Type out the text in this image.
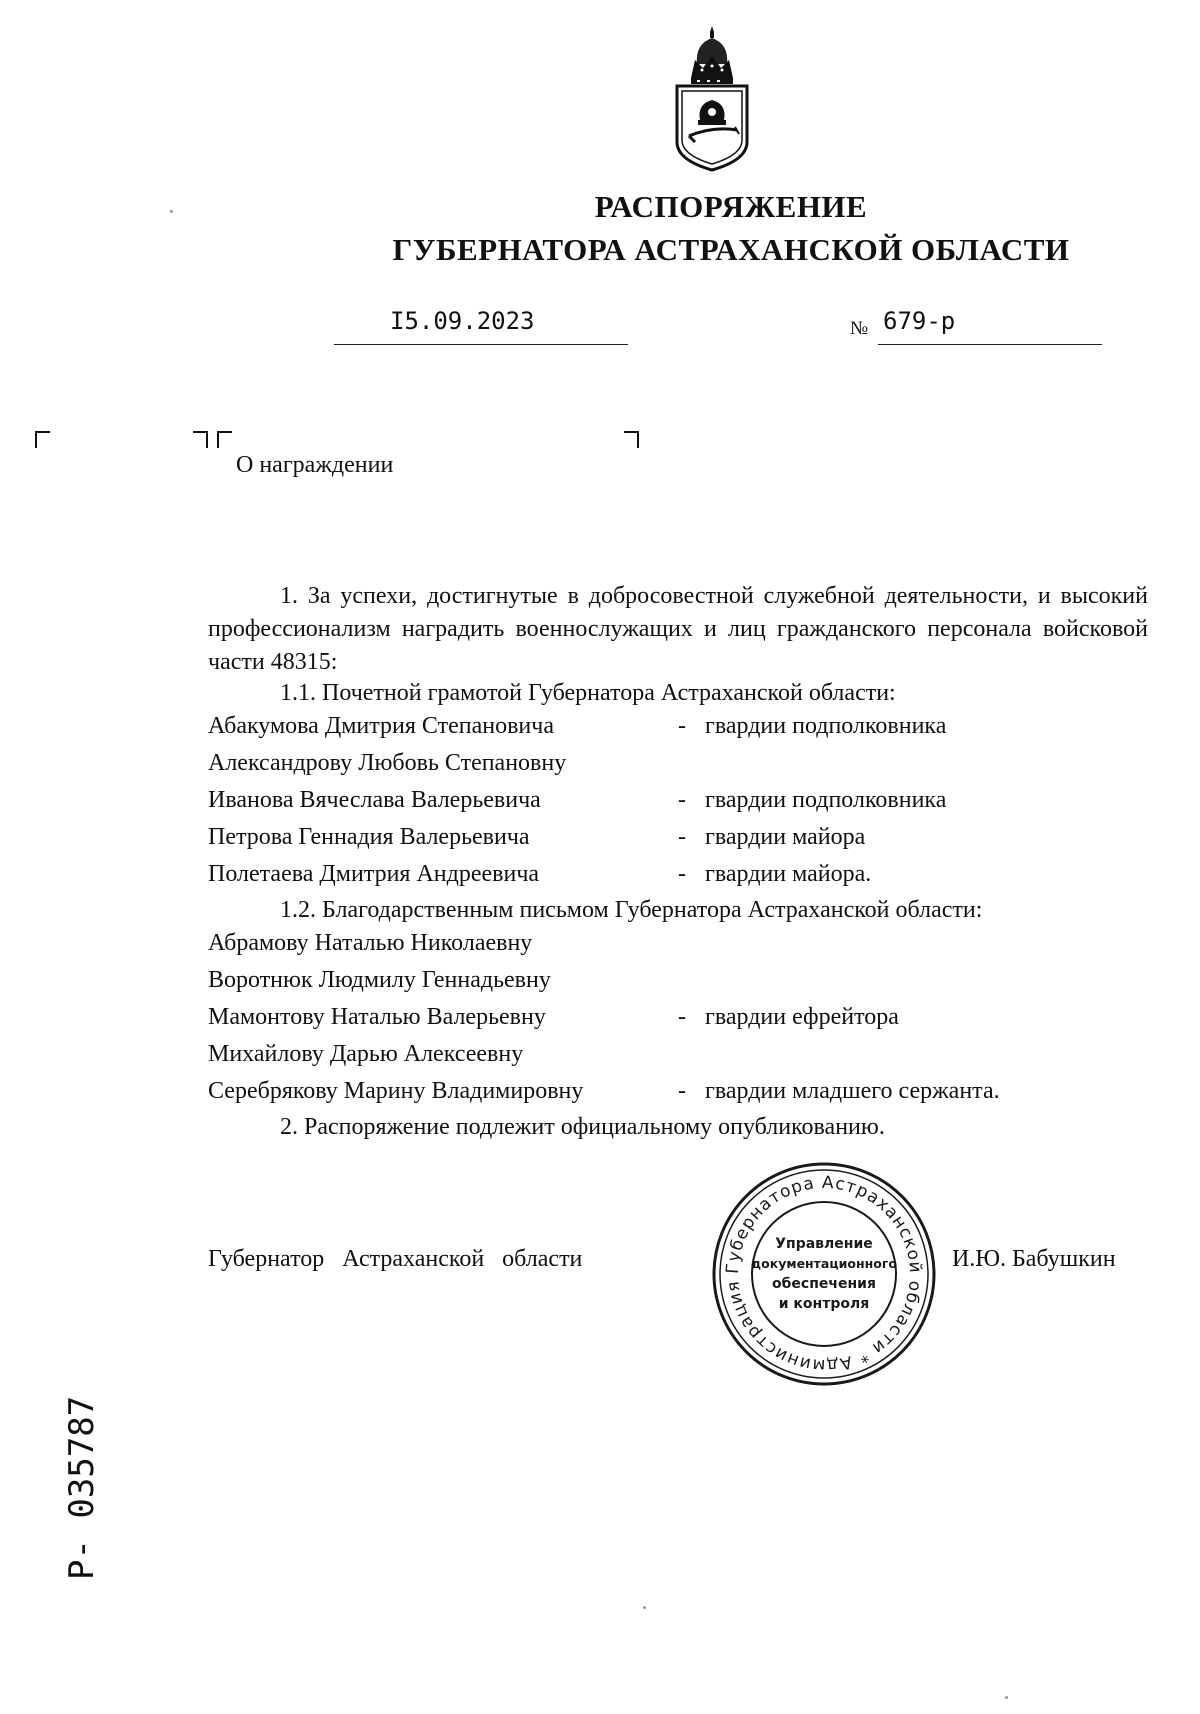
РАСПОРЯЖЕНИЕ
ГУБЕРНАТОРА АСТРАХАНСКОЙ ОБЛАСТИ
I5.09.2023	№ 679-р
О награждении
1. За успехи, достигнутые в добросовестной служебной деятельности, и высокий профессионализм наградить военнослужащих и лиц гражданского персонала войсковой части 48315:
1.1. Почетной грамотой Губернатора Астраханской области:
Абакумова Дмитрия Степановича	- гвардии подполковника
Александрову Любовь Степановну
Иванова Вячеслава Валерьевича	- гвардии подполковника
Петрова Геннадия Валерьевича	- гвардии майора
Полетаева Дмитрия Андреевича	- гвардии майора.
1.2. Благодарственным письмом Губернатора Астраханской области:
Абрамову Наталью Николаевну
Воротнюк Людмилу Геннадьевну
Мамонтову Наталью Валерьевну	- гвардии ефрейтора
Михайлову Дарью Алексеевну
Серебрякову Марину Владимировну	- гвардии младшего сержанта.
2. Распоряжение подлежит официальному опубликованию.
Губернатор Астраханской области	И.Ю. Бабушкин
Губернатора Астраханской области * Администрация
Управление
документационного
обеспечения
и контроля
Р- 035787
